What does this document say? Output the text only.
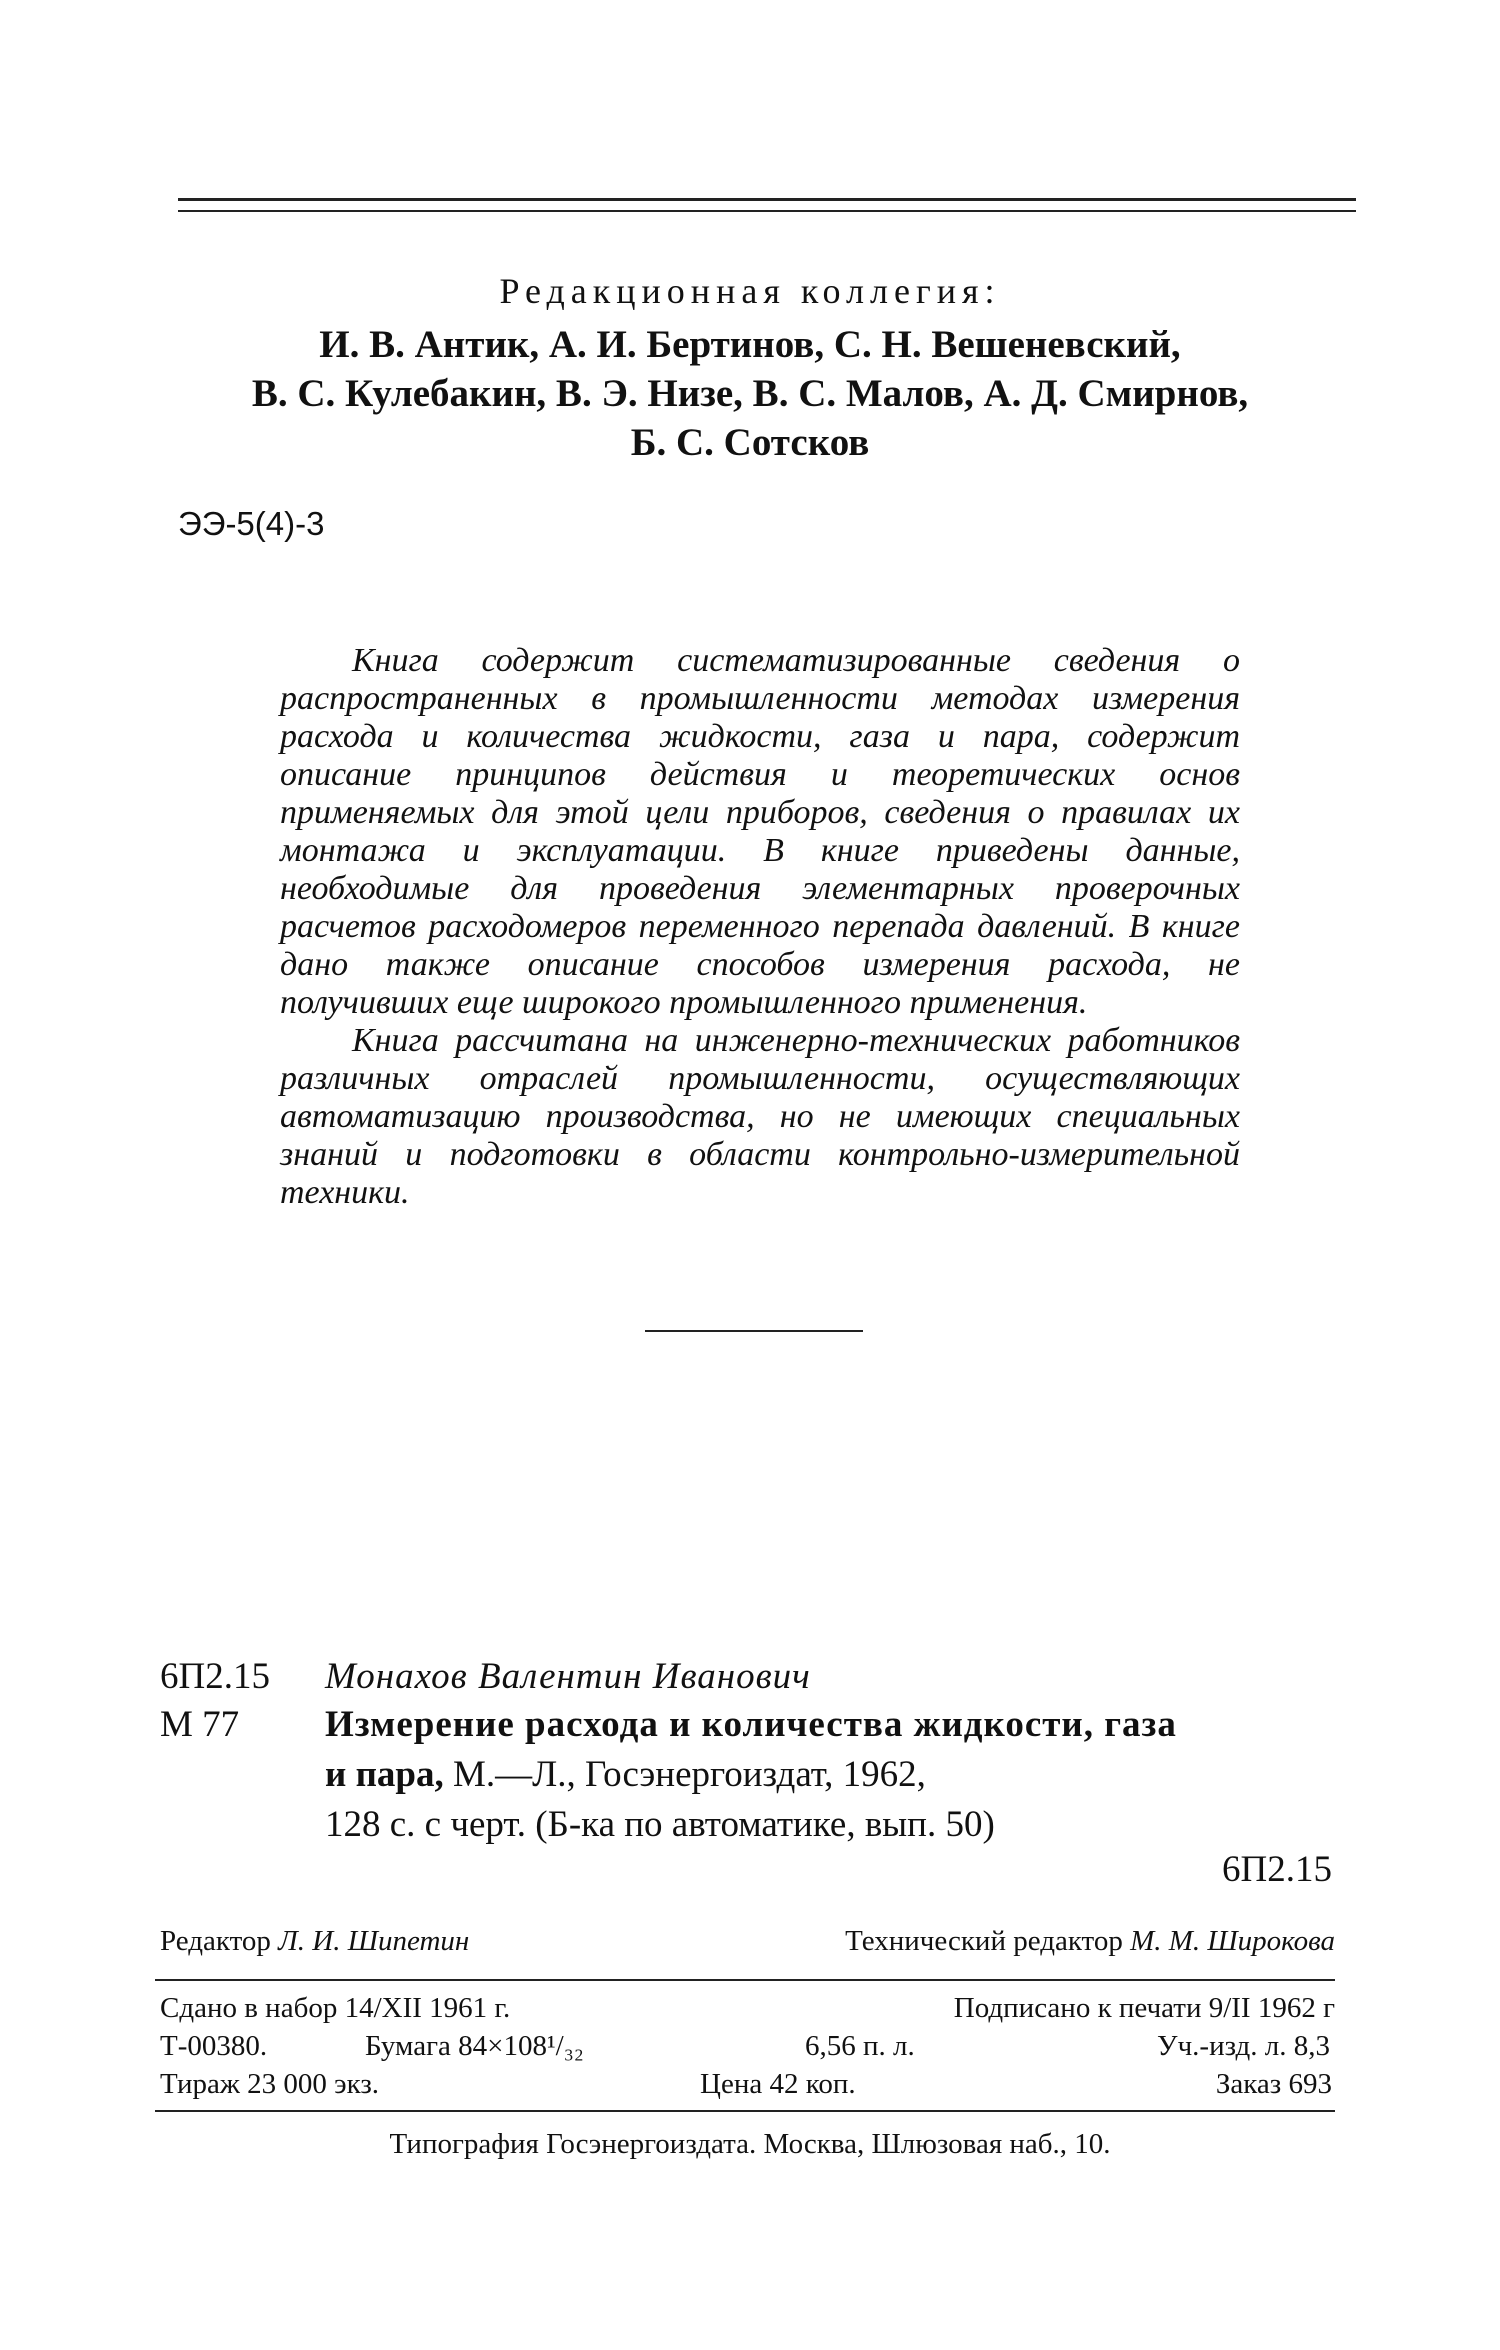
Редакционная коллегия:
И. В. Антик, А. И. Бертинов, С. Н. Вешеневский,
В. С. Кулебакин, В. Э. Низе, В. С. Малов, А. Д. Смирнов,
Б. С. Сотсков
ЭЭ-5(4)-3

Книга содержит систематизированные сведения о распространенных в промышленности методах измерения расхода и количества жидкости, газа и пара, содержит описание принципов действия и теоретических основ применяемых для этой цели приборов, сведения о правилах их монтажа и эксплуатации. В книге приведены данные, необходимые для проведения элементарных проверочных расчетов расходомеров переменного перепада давлений. В книге дано также описание способов измерения расхода, не получивших еще широкого промышленного применения.

Книга рассчитана на инженерно-технических работников различных отраслей промышленности, осуществляющих автоматизацию производства, но не имеющих специальных знаний и подготовки в области контрольно-измерительной техники.

6П2.15 Монахов Валентин Иванович
М 77 Измерение расхода и количества жидкости, газа
и пара, М.—Л., Госэнергоиздат, 1962,
128 с. с черт. (Б-ка по автоматике, вып. 50)
6П2.15
Редактор Л. И. Шипетин	Технический редактор М. М. Широкова
Сдано в набор 14/XII 1961 г.	Подписано к печати 9/II 1962 г
Т-00380.	Бумага 84×108¹/₃₂	6,56 п. л.	Уч.-изд. л. 8,3
Тираж 23 000 экз.	Цена 42 коп.	Заказ 693
Типография Госэнергоиздата. Москва, Шлюзовая наб., 10.
